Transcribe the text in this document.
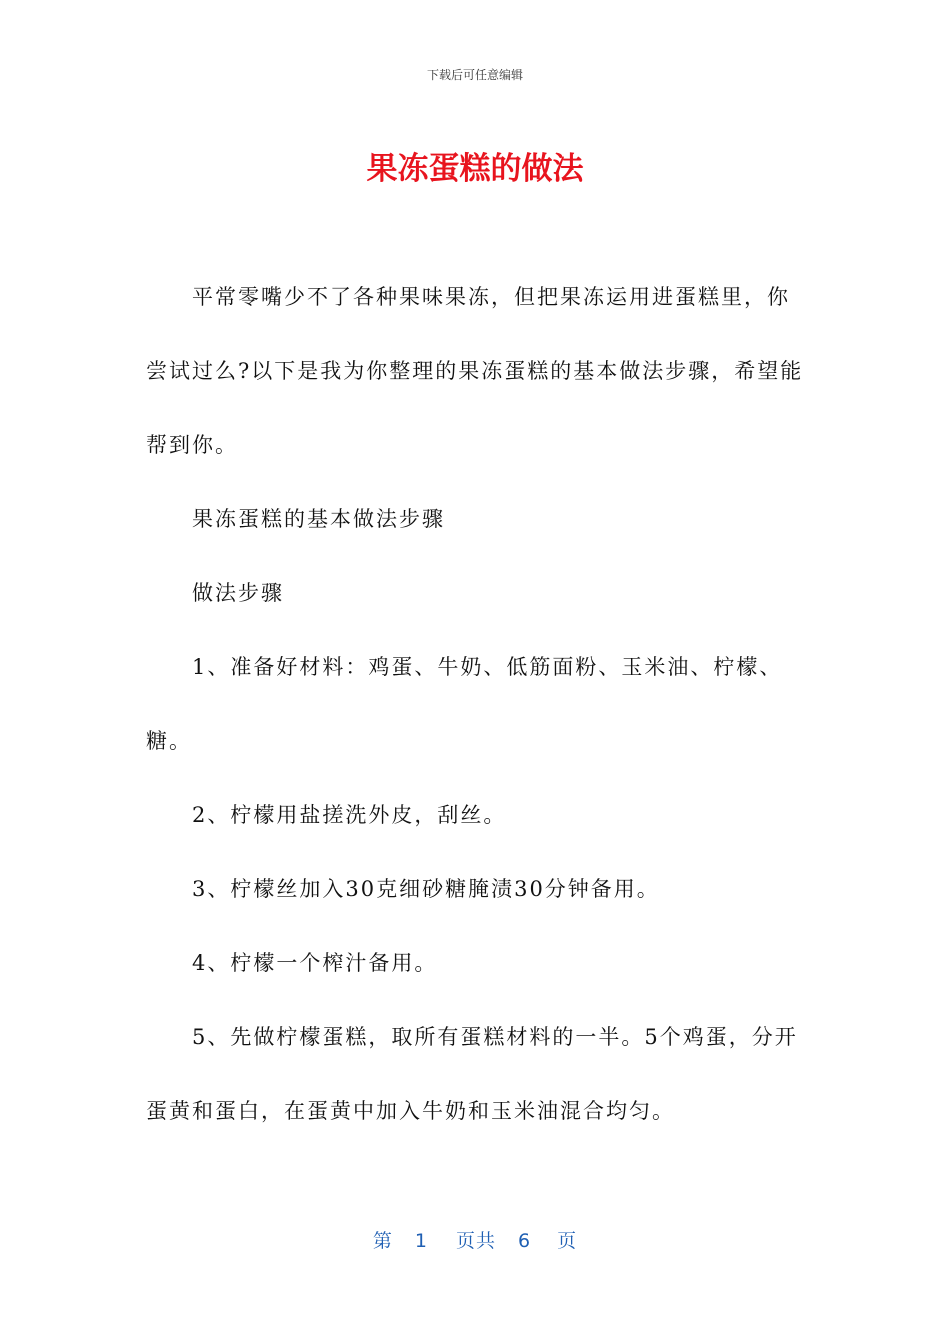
下载后可任意编辑
果冻蛋糕的做法

平常零嘴少不了各种果味果冻，但把果冻运用进蛋糕里，你尝试过么?以下是我为你整理的果冻蛋糕的基本做法步骤，希望能帮到你。

果冻蛋糕的基本做法步骤

做法步骤

1、准备好材料：鸡蛋、牛奶、低筋面粉、玉米油、柠檬、糖。

2、柠檬用盐搓洗外皮，刮丝。

3、柠檬丝加入30克细砂糖腌渍30分钟备用。

4、柠檬一个榨汁备用。

5、先做柠檬蛋糕，取所有蛋糕材料的一半。5个鸡蛋，分开蛋黄和蛋白，在蛋黄中加入牛奶和玉米油混合均匀。

第 1 页共 6 页
